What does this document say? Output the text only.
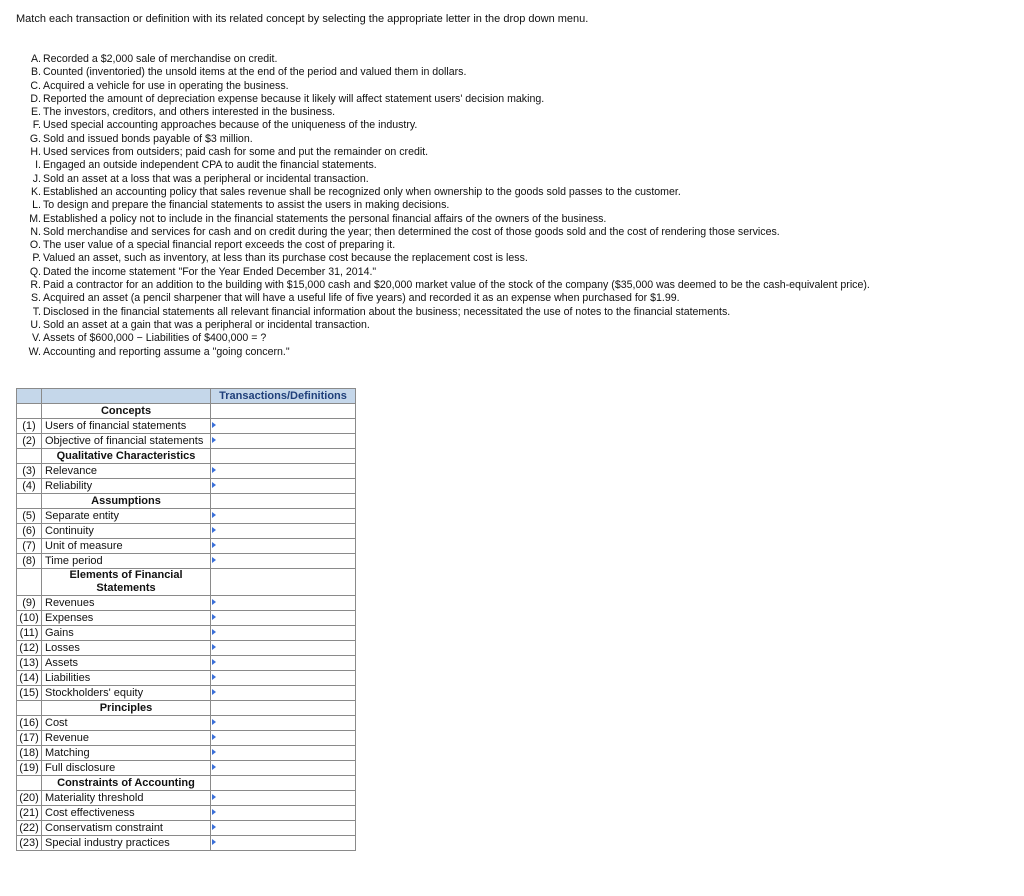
Match each transaction or definition with its related concept by selecting the appropriate letter in the drop down menu.
A. Recorded a $2,000 sale of merchandise on credit.
B. Counted (inventoried) the unsold items at the end of the period and valued them in dollars.
C. Acquired a vehicle for use in operating the business.
D. Reported the amount of depreciation expense because it likely will affect statement users' decision making.
E. The investors, creditors, and others interested in the business.
F. Used special accounting approaches because of the uniqueness of the industry.
G. Sold and issued bonds payable of $3 million.
H. Used services from outsiders; paid cash for some and put the remainder on credit.
I. Engaged an outside independent CPA to audit the financial statements.
J. Sold an asset at a loss that was a peripheral or incidental transaction.
K. Established an accounting policy that sales revenue shall be recognized only when ownership to the goods sold passes to the customer.
L. To design and prepare the financial statements to assist the users in making decisions.
M. Established a policy not to include in the financial statements the personal financial affairs of the owners of the business.
N. Sold merchandise and services for cash and on credit during the year; then determined the cost of those goods sold and the cost of rendering those services.
O. The user value of a special financial report exceeds the cost of preparing it.
P. Valued an asset, such as inventory, at less than its purchase cost because the replacement cost is less.
Q. Dated the income statement "For the Year Ended December 31, 2014."
R. Paid a contractor for an addition to the building with $15,000 cash and $20,000 market value of the stock of the company ($35,000 was deemed to be the cash-equivalent price).
S. Acquired an asset (a pencil sharpener that will have a useful life of five years) and recorded it as an expense when purchased for $1.99.
T. Disclosed in the financial statements all relevant financial information about the business; necessitated the use of notes to the financial statements.
U. Sold an asset at a gain that was a peripheral or incidental transaction.
V. Assets of $600,000 − Liabilities of $400,000 = ?
W. Accounting and reporting assume a "going concern."
		Transactions/Definitions
	Concepts	
(1)	Users of financial statements	

(2)	Objective of financial statements	

	Qualitative Characteristics	
(3)	Relevance	

(4)	Reliability	

	Assumptions	
(5)	Separate entity	

(6)	Continuity	

(7)	Unit of measure	

(8)	Time period	

	Elements of Financial Statements	
(9)	Revenues	

(10)	Expenses	

(11)	Gains	

(12)	Losses	

(13)	Assets	

(14)	Liabilities	

(15)	Stockholders' equity	

	Principles	
(16)	Cost	

(17)	Revenue	

(18)	Matching	

(19)	Full disclosure	

	Constraints of Accounting	
(20)	Materiality threshold	

(21)	Cost effectiveness	

(22)	Conservatism constraint	

(23)	Special industry practices	
